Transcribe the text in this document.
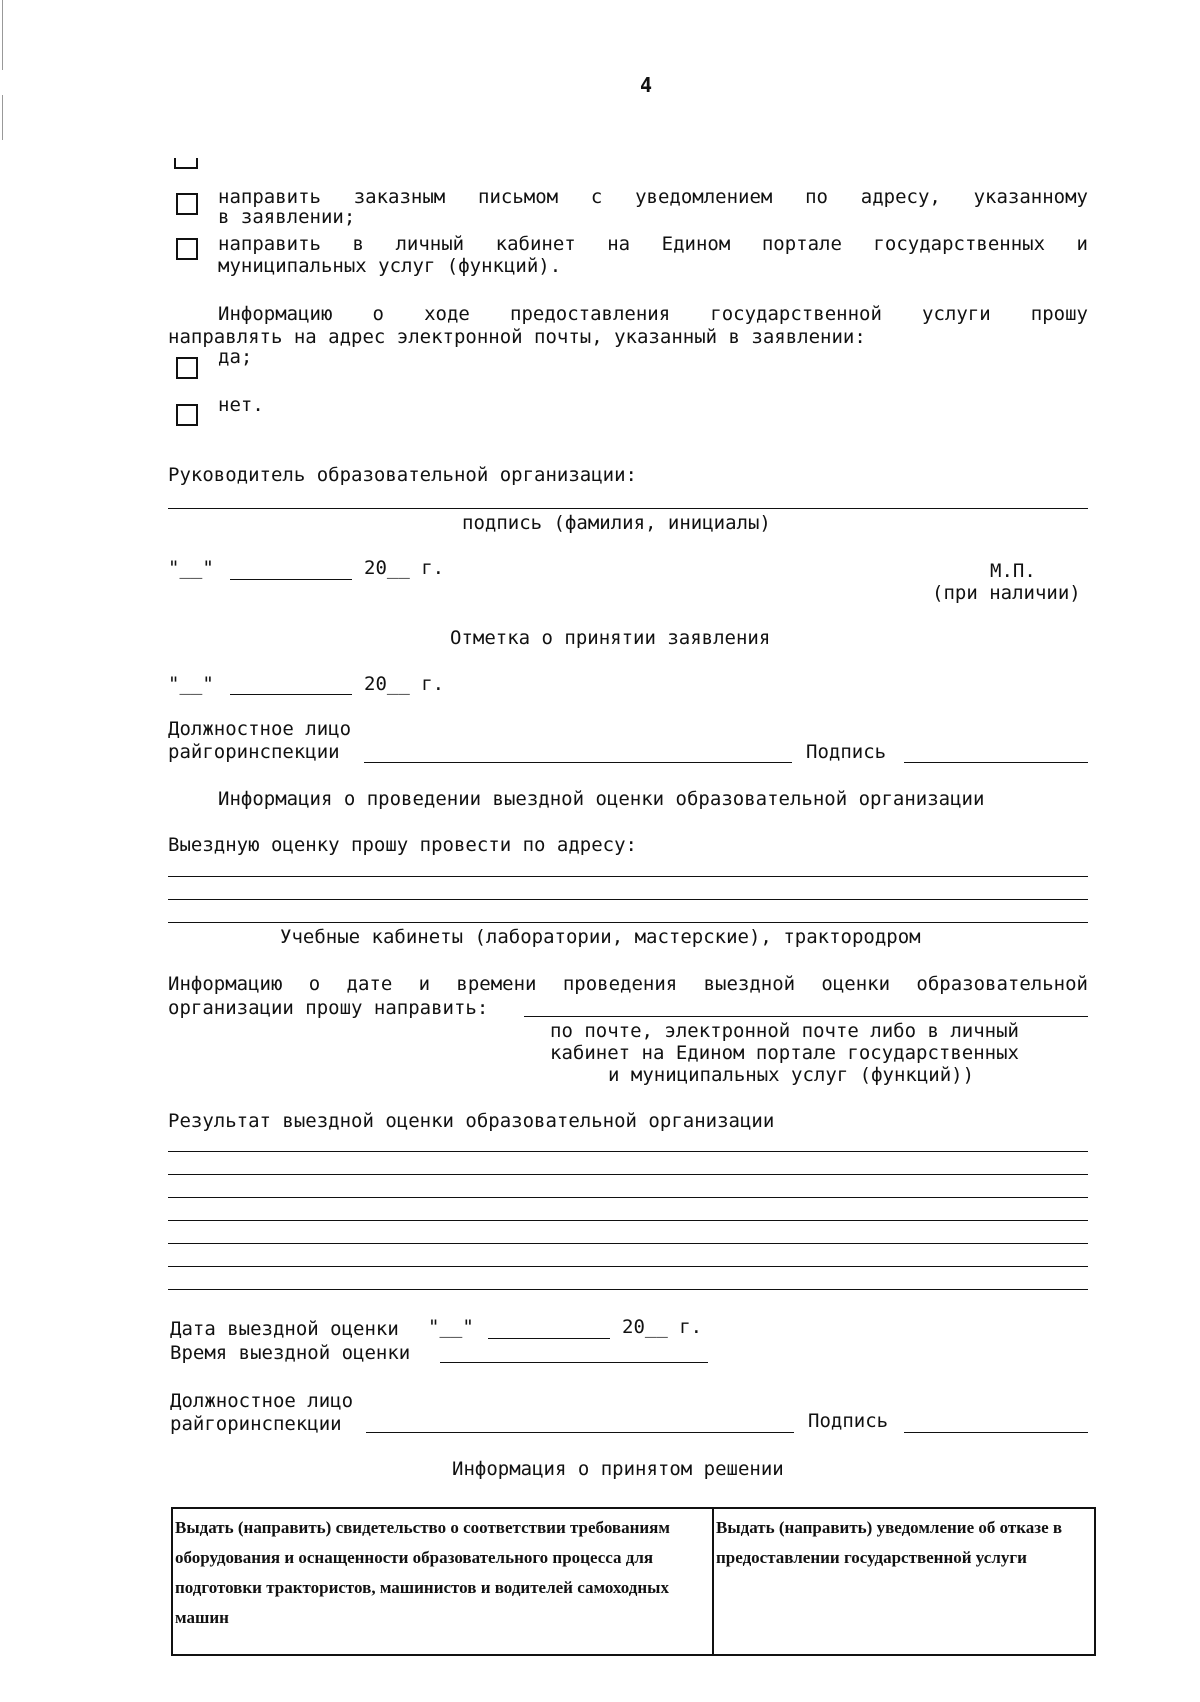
4
направить заказным письмом с уведомлением по адресу, указанному
в заявлении;
направить в личный кабинет на Едином портале государственных и
муниципальных услуг (функций).
Информацию о ходе предоставления государственной услуги прошу
направлять на адрес электронной почты, указанный в заявлении:
да;
нет.
Руководитель образовательной организации:
подпись (фамилия, инициалы)
"__"	20__ г.	М.П.
(при наличии)
Отметка о принятии заявления
"__"	20__ г.
Должностное лицо
райгоринспекции	Подпись
Информация о проведении выездной оценки образовательной организации
Выездную оценку прошу провести по адресу:
Учебные кабинеты (лаборатории, мастерские), трактородром
Информацию о дате и времени проведения выездной оценки образовательной
организации прошу направить:
по почте, электронной почте либо в личный
кабинет на Едином портале государственных
и муниципальных услуг (функций))
Результат выездной оценки образовательной организации
Дата выездной оценки "__"	20__ г.
Время выездной оценки
Должностное лицо
райгоринспекции	Подпись
Информация о принятом решении
Выдать (направить) свидетельство о соответствии требованиям оборудования и оснащенности образовательного процесса для подготовки трактористов, машинистов и водителей самоходных машин	Выдать (направить) уведомление об отказе в предоставлении государственной услуги
